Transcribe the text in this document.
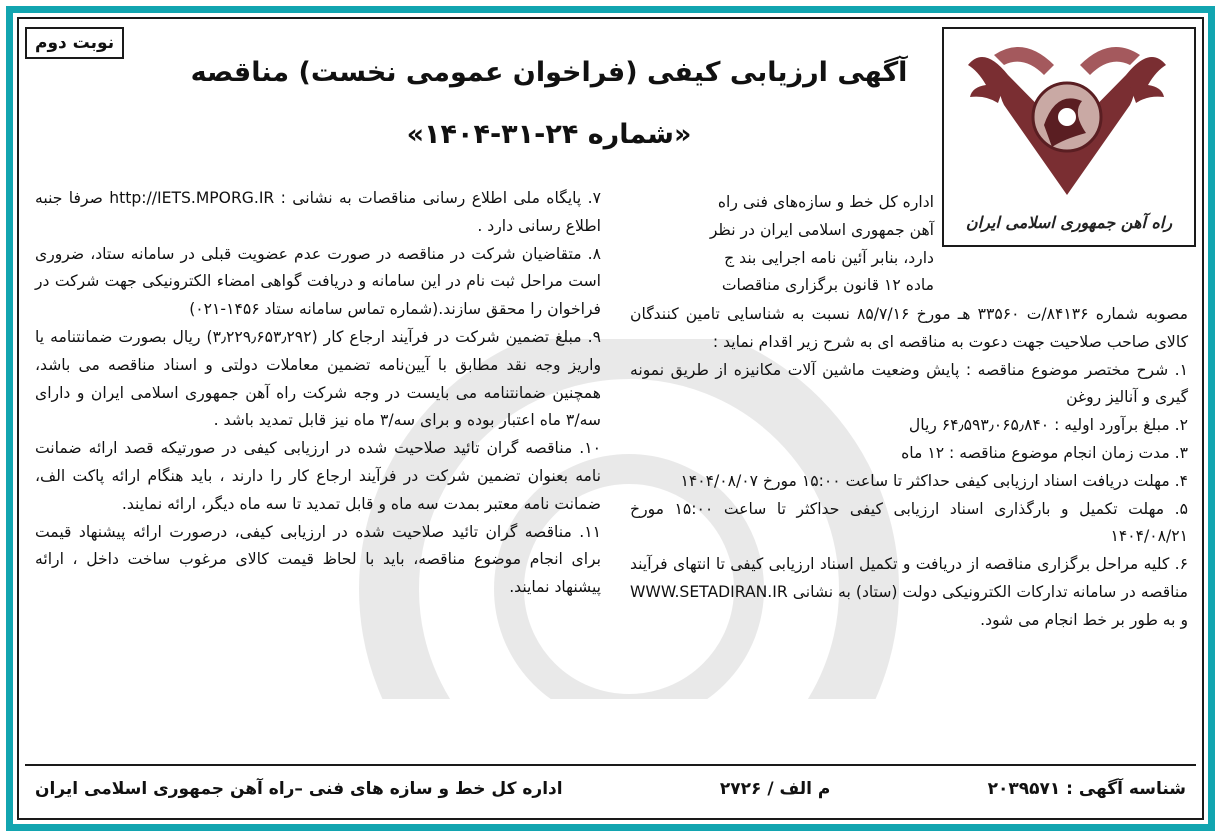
نوبت دوم
راه آهن جمهوری اسلامی ایران
آگهی ارزیابی کیفی (فراخوان عمومی نخست) مناقصه
«شماره ۲۴-۳۱-۱۴۰۴»
اداره کل خط و سازه‌های فنی راه
آهن جمهوری اسلامی ایران در نظر
دارد، بنابر آئین نامه اجرایی بند ج
ماده ۱۲ قانون برگزاری مناقصات

مصوبه شماره ۸۴۱۳۶/ت ۳۳۵۶۰ هـ مورخ ۸۵/۷/۱۶ نسبت به شناسایی تامین کنندگان کالای صاحب صلاحیت جهت دعوت به مناقصه ای به شرح زیر اقدام نماید :

۱. شرح مختصر موضوع مناقصه : پایش وضعیت ماشین آلات مکانیزه از طریق نمونه گیری و آنالیز روغن

۲. مبلغ برآورد اولیه : ۶۴٫۵۹۳٫۰۶۵٫۸۴۰ ریال

۳. مدت زمان انجام موضوع مناقصه : ۱۲ ماه

۴. مهلت دریافت اسناد ارزیابی کیفی حداکثر تا ساعت ۱۵:۰۰ مورخ ۱۴۰۴/۰۸/۰۷

۵. مهلت تکمیل و بارگذاری اسناد ارزیابی کیفی حداکثر تا ساعت ۱۵:۰۰ مورخ ۱۴۰۴/۰۸/۲۱

۶. کلیه مراحل برگزاری مناقصه از دریافت و تکمیل اسناد ارزیابی کیفی تا انتهای فرآیند مناقصه در سامانه تدارکات الکترونیکی دولت (ستاد) به نشانی WWW.SETADIRAN.IR و به طور بر خط انجام می شود.

۷. پایگاه ملی اطلاع رسانی مناقصات به نشانی : http://IETS.MPORG.IR صرفا جنبه اطلاع رسانی دارد .

۸. متقاضیان شرکت در مناقصه در صورت عدم عضویت قبلی در سامانه ستاد، ضروری است مراحل ثبت نام در این سامانه و دریافت گواهی امضاء الکترونیکی جهت شرکت در فراخوان را محقق سازند.(شماره تماس سامانه ستاد ۱۴۵۶-۰۲۱)

۹. مبلغ تضمین شرکت در فرآیند ارجاع کار (۳٫۲۲۹٫۶۵۳٫۲۹۲) ریال بصورت ضمانتنامه یا واریز وجه نقد مطابق با آیین‌نامه تضمین معاملات دولتی و اسناد مناقصه می باشد، همچنین ضمانتنامه می بایست در وجه شرکت راه آهن جمهوری اسلامی ایران و دارای سه/۳ ماه اعتبار بوده و برای سه/۳ ماه نیز قابل تمدید باشد .

۱۰. مناقصه گران تائید صلاحیت شده در ارزیابی کیفی در صورتیکه قصد ارائه ضمانت نامه بعنوان تضمین شرکت در فرآیند ارجاع کار را دارند ، باید هنگام ارائه پاکت الف، ضمانت نامه معتبر بمدت سه ماه و قابل تمدید تا سه ماه دیگر، ارائه نمایند.

۱۱. مناقصه گران تائید صلاحیت شده در ارزیابی کیفی، درصورت ارائه پیشنهاد قیمت برای انجام موضوع مناقصه، باید با لحاظ قیمت کالای مرغوب ساخت داخل ، ارائه پیشنهاد نمایند.

شناسه آگهی : ۲۰۳۹۵۷۱
م الف / ۲۷۲۶
اداره کل خط و سازه های فنی –راه آهن جمهوری اسلامی ایران
